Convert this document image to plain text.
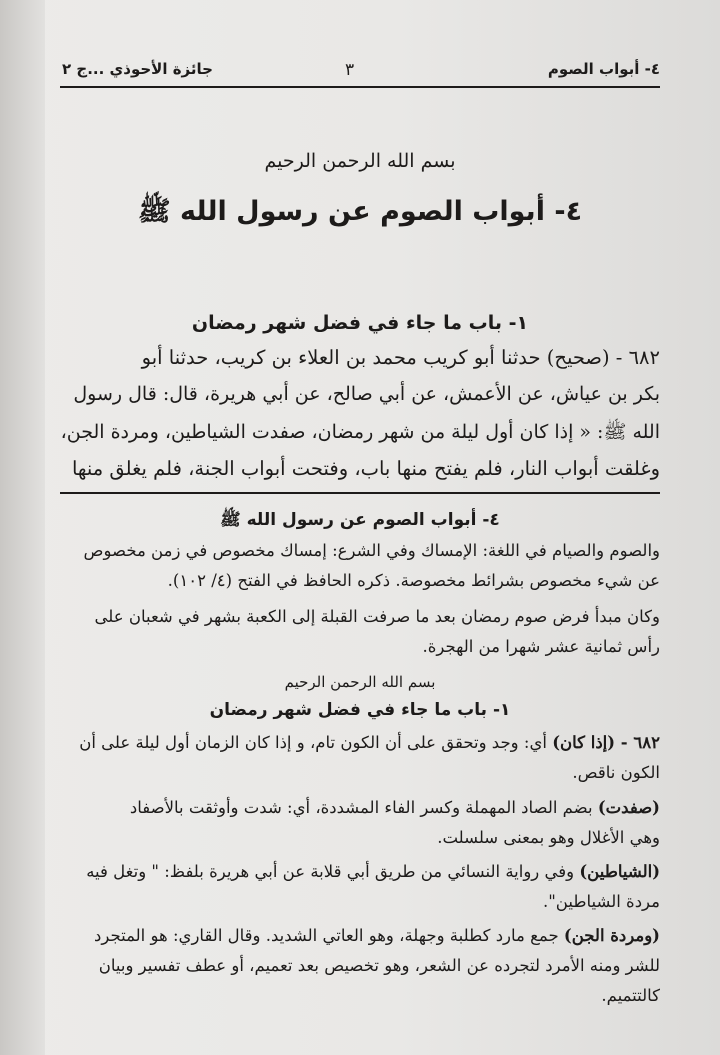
جائزة الأحوذي ...ج ٢	٣	٤- أبواب الصوم
بسم الله الرحمن الرحيم
٤- أبواب الصوم عن رسول الله ﷺ
١- باب ما جاء في فضل شهر رمضان
٦٨٢ - (صحيح) حدثنا أبو كريب محمد بن العلاء بن كريب، حدثنا أبو
بكر بن عياش، عن الأعمش، عن أبي صالح، عن أبي هريرة، قال: قال رسول
الله ﷺ: « إذا كان أول ليلة من شهر رمضان، صفدت الشياطين، ومردة الجن،
وغلقت أبواب النار، فلم يفتح منها باب، وفتحت أبواب الجنة، فلم يغلق منها
٤- أبواب الصوم عن رسول الله ﷺ
والصوم والصيام في اللغة: الإمساك وفي الشرع: إمساك مخصوص في زمن مخصوص
عن شيء مخصوص بشرائط مخصوصة. ذكره الحافظ في الفتح (٤/ ١٠٢).
وكان مبدأ فرض صوم رمضان بعد ما صرفت القبلة إلى الكعبة بشهر في شعبان على
رأس ثمانية عشر شهرا من الهجرة.
بسم الله الرحمن الرحيم
١- باب ما جاء في فضل شهر رمضان
٦٨٢ - (إذا كان) أي: وجد وتحقق على أن الكون تام، و إذا كان الزمان أول ليلة على أن
الكون ناقص.
(صفدت) بضم الصاد المهملة وكسر الفاء المشددة، أي: شدت وأوثقت بالأصفاد
وهي الأغلال وهو بمعنى سلسلت.
(الشياطين) وفي رواية النسائي من طريق أبي قلابة عن أبي هريرة بلفظ: " وتغل فيه
مردة الشياطين".
(ومردة الجن) جمع مارد كطلبة وجهلة، وهو العاتي الشديد. وقال القاري: هو المتجرد
للشر ومنه الأمرد لتجرده عن الشعر، وهو تخصيص بعد تعميم، أو عطف تفسير وبيان
كالتتميم.
